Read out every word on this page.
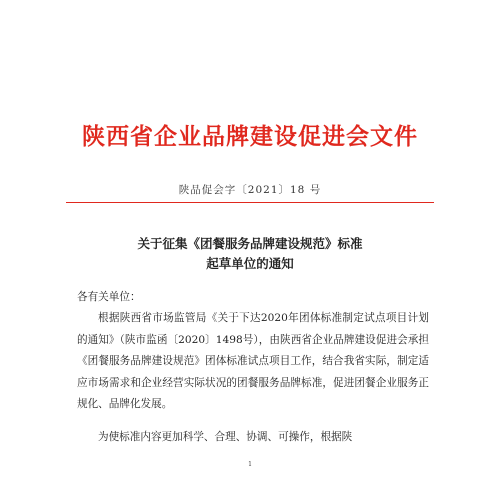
陕西省企业品牌建设促进会文件
陕品促会字〔2021〕18 号
关于征集《团餐服务品牌建设规范》标准
起草单位的通知
各有关单位：
根据陕西省市场监管局《关于下达2020年团体标准制定试点项目计划的通知》（陕市监函〔2020〕1498号），由陕西省企业品牌建设促进会承担《团餐服务品牌建设规范》团体标准试点项目工作，结合我省实际，制定适应市场需求和企业经营实际状况的团餐服务品牌标准，促进团餐企业服务正规化、品牌化发展。
为使标准内容更加科学、合理、协调、可操作，根据陕
1
